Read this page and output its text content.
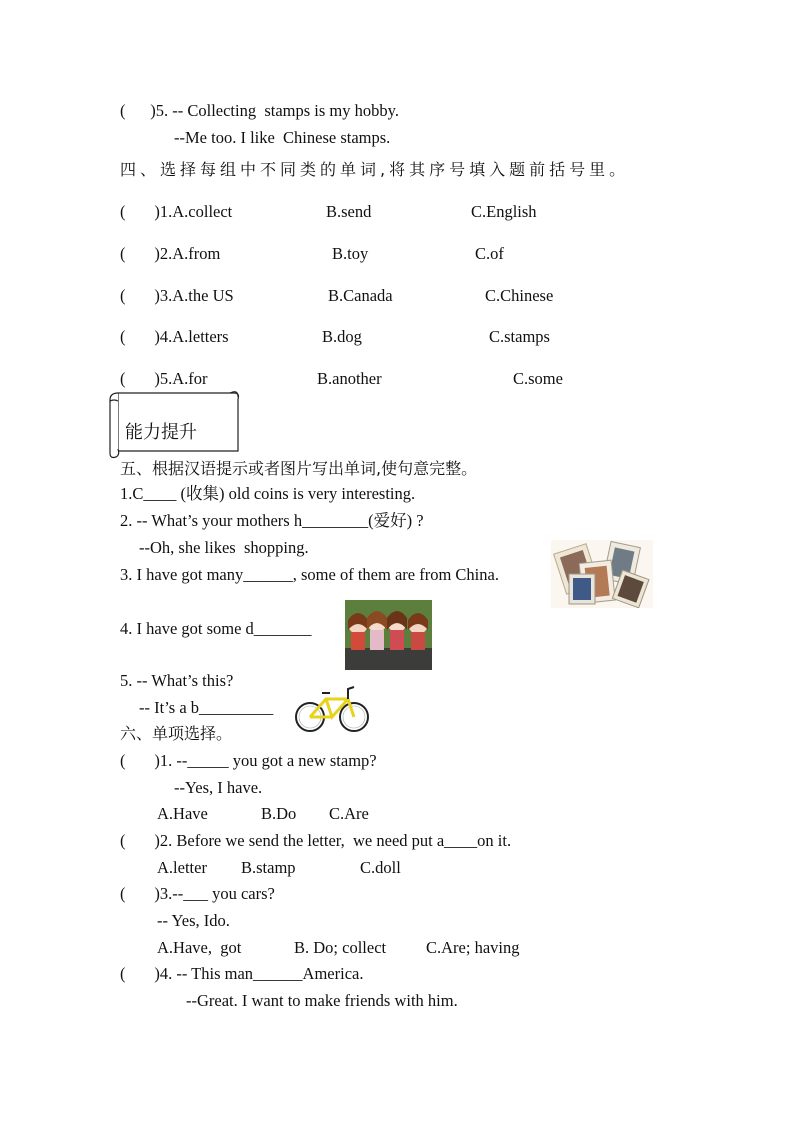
(      )5. -- Collecting  stamps is my hobby.
--Me too. I like  Chinese stamps.
四、选择每组中不同类的单词,将其序号填入题前括号里。
(       )1.A.collect	B.send	C.English
(       )2.A.from	B.toy	C.of
(       )3.A.the US	B.Canada	C.Chinese
(       )4.A.letters	B.dog	C.stamps
(       )5.A.for	B.another	C.some
能力提升
五、根据汉语提示或者图片写出单词,使句意完整。
1.C____ (收集) old coins is very interesting.
2. -- What’s your mothers h________(爱好) ?
--Oh, she likes  shopping.
3. I have got many______, some of them are from China.
4. I have got some d_______
5. -- What’s this?
-- It’s a b_________
六、单项选择。
(       )1. --_____ you got a new stamp?
--Yes, I have.
A.Have	B.Do C.Are
(       )2. Before we send the letter,  we need put a____on it.
A.letter B.stamp	C.doll
(       )3.--___ you cars?
-- Yes, Ido.
A.Have,  got	B. Do; collect C.Are; having
(       )4. -- This man______America.
--Great. I want to make friends with him.
